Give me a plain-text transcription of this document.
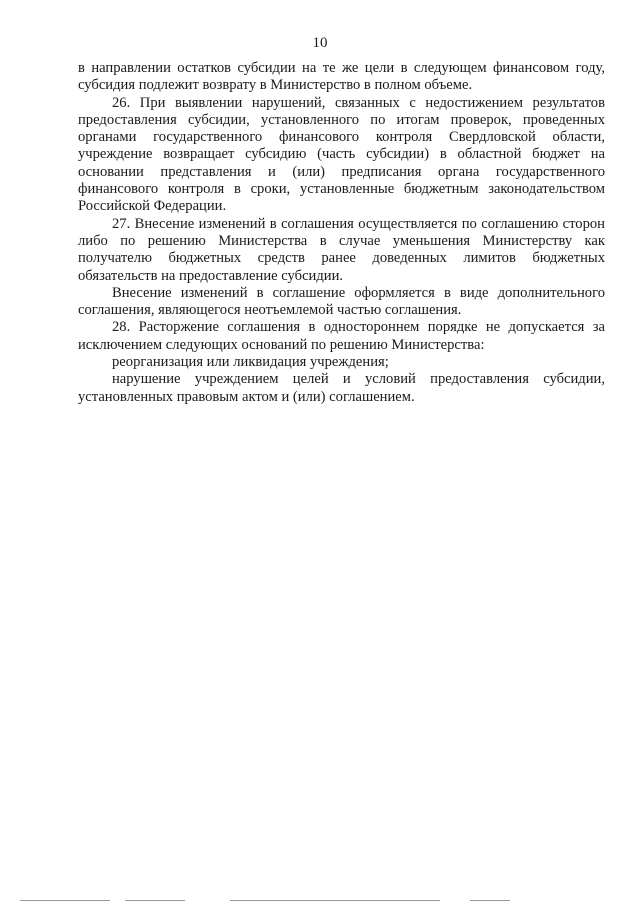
10

в направлении остатков субсидии на те же цели в следующем финансовом году, субсидия подлежит возврату в Министерство в полном объеме.

26. При выявлении нарушений, связанных с недостижением результатов предоставления субсидии, установленного по итогам проверок, проведенных органами государственного финансового контроля Свердловской области, учреждение возвращает субсидию (часть субсидии) в областной бюджет на основании представления и (или) предписания органа государственного финансового контроля в сроки, установленные бюджетным законодательством Российской Федерации.

27. Внесение изменений в соглашения осуществляется по соглашению сторон либо по решению Министерства в случае уменьшения Министерству как получателю бюджетных средств ранее доведенных лимитов бюджетных обязательств на предоставление субсидии.

Внесение изменений в соглашение оформляется в виде дополнительного соглашения, являющегося неотъемлемой частью соглашения.

28. Расторжение соглашения в одностороннем порядке не допускается за исключением следующих оснований по решению Министерства:

реорганизация или ликвидация учреждения;

нарушение учреждением целей и условий предоставления субсидии, установленных правовым актом и (или) соглашением.
